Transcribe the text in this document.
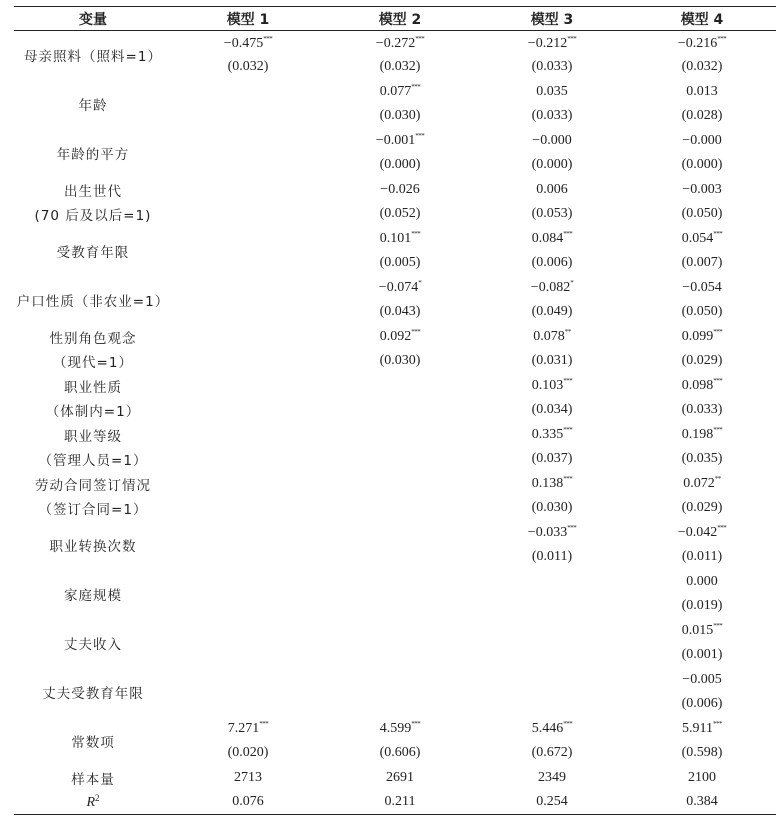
变量	模型 1	模型 2	模型 3	模型 4
母亲照料（照料=1）	−0.475***	−0.272***	−0.212***	−0.216***
	(0.032)	(0.032)	(0.033)	(0.032)
年龄		0.077***	0.035	0.013
		(0.030)	(0.033)	(0.028)
年龄的平方		−0.001***	−0.000	−0.000
		(0.000)	(0.000)	(0.000)
出生世代		−0.026	0.006	−0.003
(70 后及以后=1)		(0.052)	(0.053)	(0.050)
受教育年限		0.101***	0.084***	0.054***
		(0.005)	(0.006)	(0.007)
户口性质（非农业=1）		−0.074*	−0.082*	−0.054
		(0.043)	(0.049)	(0.050)
性别角色观念		0.092***	0.078**	0.099***
（现代=1）		(0.030)	(0.031)	(0.029)
职业性质			0.103***	0.098***
（体制内=1）			(0.034)	(0.033)
职业等级			0.335***	0.198***
（管理人员=1）			(0.037)	(0.035)
劳动合同签订情况			0.138***	0.072**
（签订合同=1）			(0.030)	(0.029)
职业转换次数			−0.033***	−0.042***
			(0.011)	(0.011)
家庭规模				0.000
				(0.019)
丈夫收入				0.015***
				(0.001)
丈夫受教育年限				−0.005
				(0.006)
常数项	7.271***	4.599***	5.446***	5.911***
	(0.020)	(0.606)	(0.672)	(0.598)
样本量	2713	2691	2349	2100
$R^2$	0.076	0.211	0.254	0.384
